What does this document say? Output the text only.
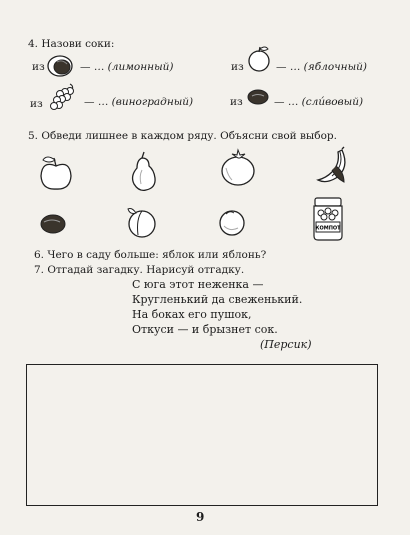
4. Назови соки:
из	— … (лимонный)	из	— … (яблочный)
из	— … (виноградный)	из	— … (сли́вовый)
5. Обведи лишнее в каждом ряду. Объясни свой выбор.
КОМПОТ
6. Чего в саду больше: яблок или яблонь?
7. Отгадай загадку. Нарисуй отгадку.
С юга этот неженка —
Кругленький да свеженький.
На боках его пушок,
Откуси — и брызнет сок.
(Персик)
9
